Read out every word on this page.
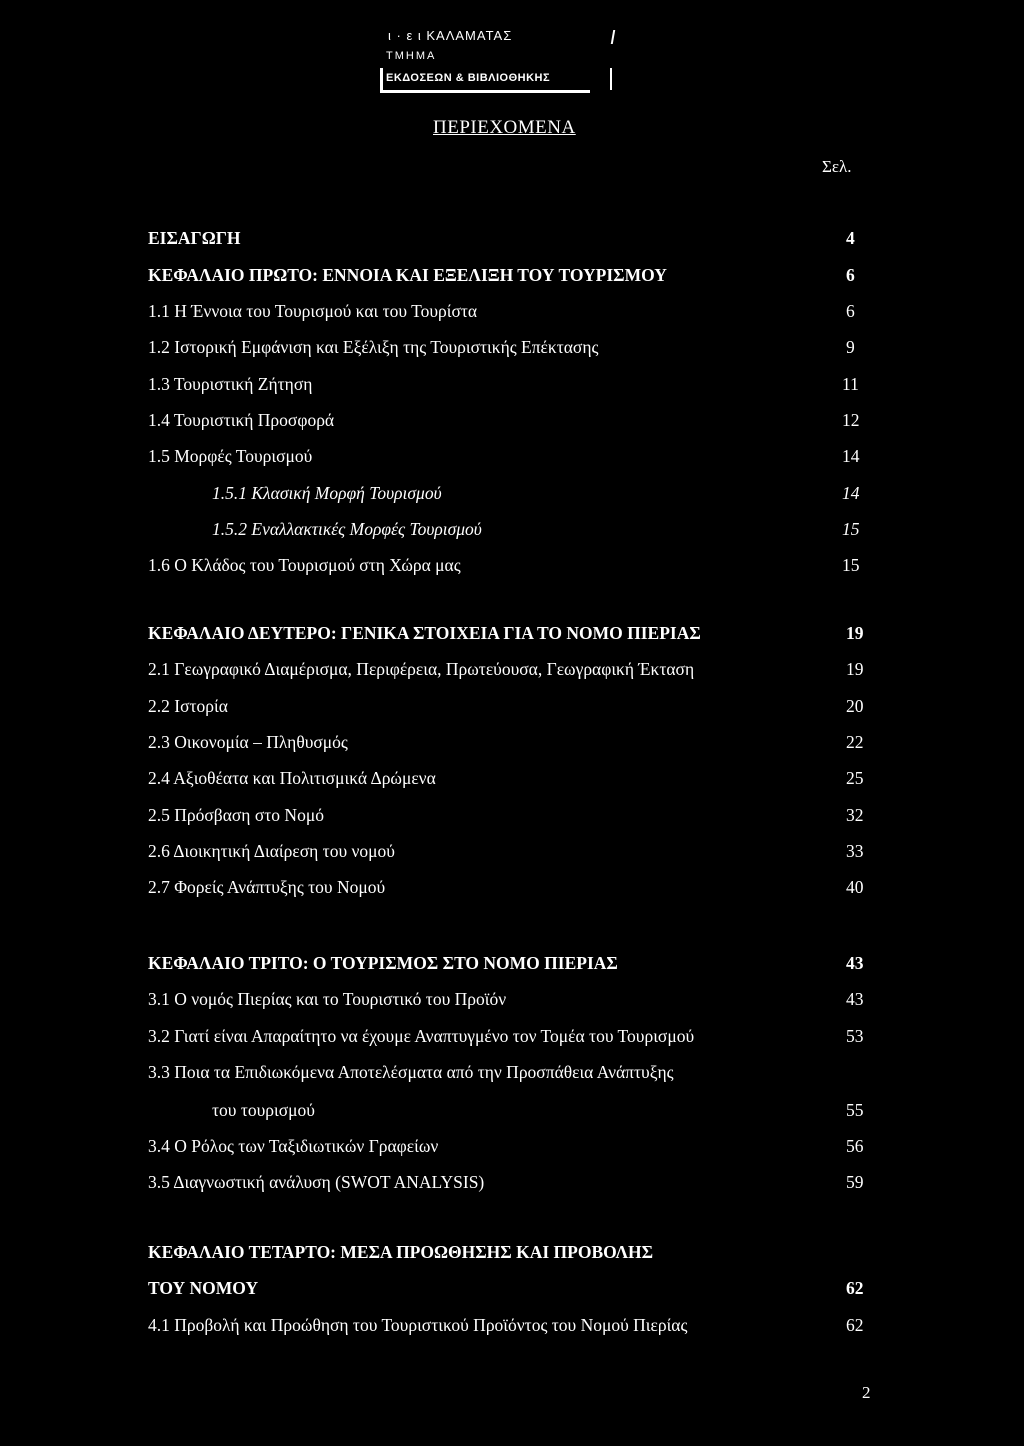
ι · ε ι ΚΑΛΑΜΑΤΑΣ
ΤΜΗΜΑ
ΕΚΔΟΣΕΩΝ & ΒΙΒΛΙΟΘΗΚΗΣ
ΠΕΡΙΕΧΟΜΕΝΑ
Σελ.
ΕΙΣΑΓΩΓΗ	4
ΚΕΦΑΛΑΙΟ ΠΡΩΤΟ: ΕΝΝΟΙΑ ΚΑΙ ΕΞΕΛΙΞΗ ΤΟΥ ΤΟΥΡΙΣΜΟΥ	6
1.1 Η Έννοια του Τουρισμού και του Τουρίστα	6
1.2 Ιστορική Εμφάνιση και Εξέλιξη της Τουριστικής Επέκτασης	9
1.3 Τουριστική Ζήτηση	11
1.4 Τουριστική Προσφορά	12
1.5 Μορφές Τουρισμού	14
1.5.1 Κλασική Μορφή Τουρισμού	14
1.5.2 Εναλλακτικές Μορφές Τουρισμού	15
1.6 Ο Κλάδος του Τουρισμού στη Χώρα μας	15
ΚΕΦΑΛΑΙΟ ΔΕΥΤΕΡΟ: ΓΕΝΙΚΑ ΣΤΟΙΧΕΙΑ ΓΙΑ ΤΟ ΝΟΜΟ ΠΙΕΡΙΑΣ	19
2.1 Γεωγραφικό Διαμέρισμα, Περιφέρεια, Πρωτεύουσα, Γεωγραφική Έκταση	19
2.2 Ιστορία	20
2.3 Οικονομία – Πληθυσμός	22
2.4 Αξιοθέατα και Πολιτισμικά Δρώμενα	25
2.5 Πρόσβαση στο Νομό	32
2.6 Διοικητική Διαίρεση του νομού	33
2.7 Φορείς Ανάπτυξης του Νομού	40
ΚΕΦΑΛΑΙΟ ΤΡΙΤΟ: Ο ΤΟΥΡΙΣΜΟΣ ΣΤΟ ΝΟΜΟ ΠΙΕΡΙΑΣ	43
3.1 Ο νομός Πιερίας και το Τουριστικό του Προϊόν	43
3.2 Γιατί είναι Απαραίτητο να έχουμε Αναπτυγμένο τον Τομέα του Τουρισμού	53
3.3 Ποια τα Επιδιωκόμενα Αποτελέσματα από την Προσπάθεια Ανάπτυξης
του τουρισμού	55
3.4 Ο Ρόλος των Ταξιδιωτικών Γραφείων	56
3.5 Διαγνωστική ανάλυση (SWOT ANALYSIS)	59
ΚΕΦΑΛΑΙΟ ΤΕΤΑΡΤΟ: ΜΕΣΑ ΠΡΟΩΘΗΣΗΣ ΚΑΙ ΠΡΟΒΟΛΗΣ
ΤΟΥ ΝΟΜΟΥ	62
4.1 Προβολή και Προώθηση του Τουριστικού Προϊόντος του Νομού Πιερίας	62
2
